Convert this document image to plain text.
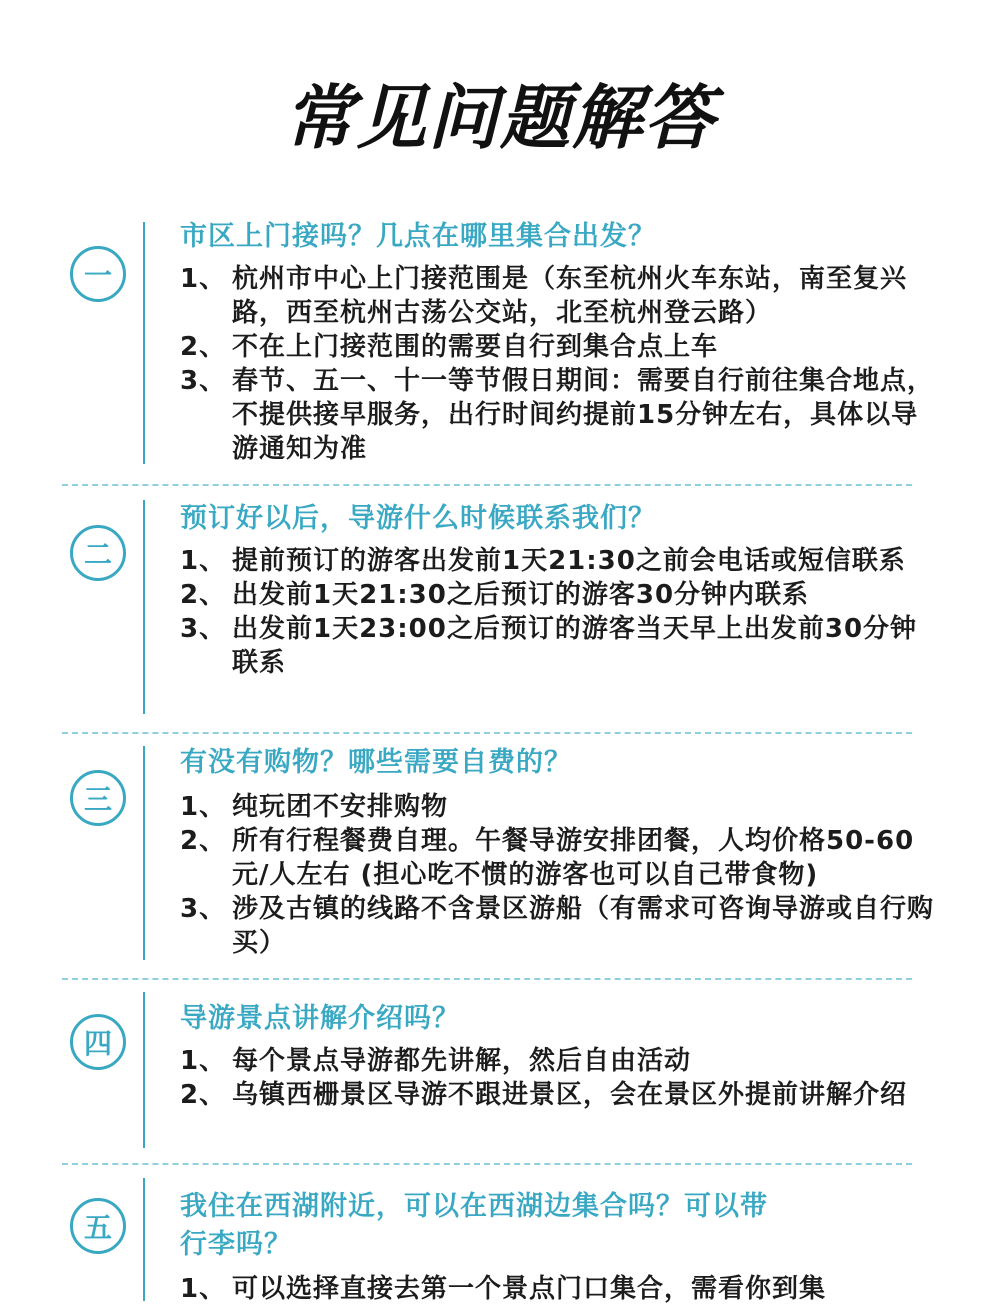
常见问题解答
一
市区上门接吗？几点在哪里集合出发？
1、 杭州市中心上门接范围是（东至杭州火车东站，南至复兴路，西至杭州古荡公交站，北至杭州登云路）
2、 不在上门接范围的需要自行到集合点上车
3、 春节、五一、十一等节假日期间：需要自行前往集合地点，不提供接早服务，出行时间约提前15分钟左右，具体以导游通知为准
二
预订好以后，导游什么时候联系我们？
1、 提前预订的游客出发前1天21:30之前会电话或短信联系
2、 出发前1天21:30之后预订的游客30分钟内联系
3、 出发前1天23:00之后预订的游客当天早上出发前30分钟联系
三
有没有购物？哪些需要自费的？
1、 纯玩团不安排购物
2、 所有行程餐费自理。午餐导游安排团餐，人均价格50-60元/人左右 (担心吃不惯的游客也可以自己带食物)
3、 涉及古镇的线路不含景区游船（有需求可咨询导游或自行购买）
四
导游景点讲解介绍吗？
1、 每个景点导游都先讲解，然后自由活动
2、 乌镇西栅景区导游不跟进景区，会在景区外提前讲解介绍
五
我住在西湖附近，可以在西湖边集合吗？可以带行李吗？
1、 可以选择直接去第一个景点门口集合，需看你到集
